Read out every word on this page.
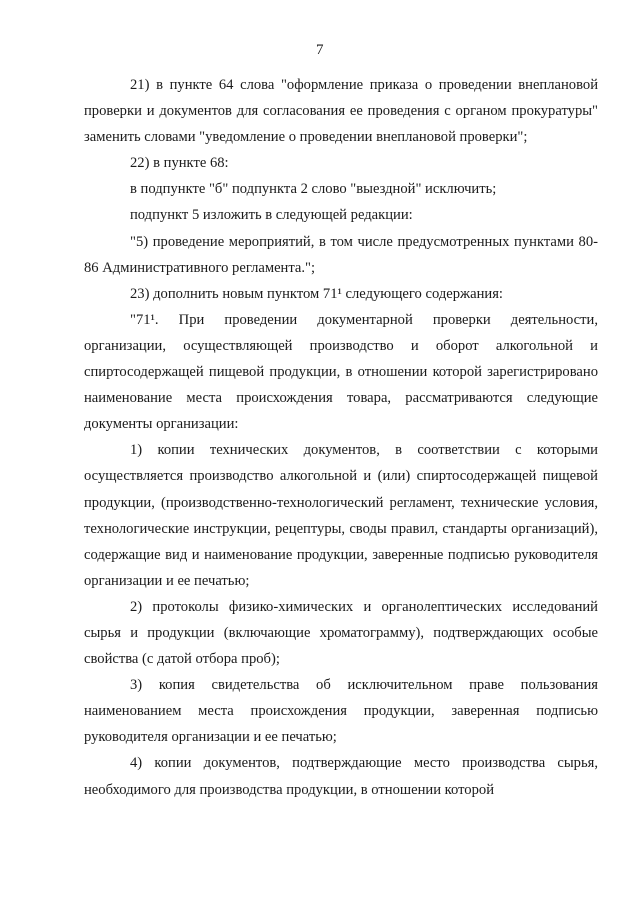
7

21) в пункте 64 слова "оформление приказа о проведении внеплановой проверки и документов для согласования ее проведения с органом прокуратуры" заменить словами "уведомление о проведении внеплановой проверки";

22) в пункте 68:

в подпункте "б" подпункта 2 слово "выездной" исключить;

подпункт 5 изложить в следующей редакции:

"5) проведение мероприятий, в том числе предусмотренных пунктами 80-86 Административного регламента.";

23) дополнить новым пунктом 71¹ следующего содержания:

"71¹. При проведении документарной проверки деятельности, организации, осуществляющей производство и оборот алкогольной и спиртосодержащей пищевой продукции, в отношении которой зарегистрировано наименование места происхождения товара, рассматриваются следующие документы организации:

1) копии технических документов, в соответствии с которыми осуществляется производство алкогольной и (или) спиртосодержащей пищевой продукции, (производственно-технологический регламент, технические условия, технологические инструкции, рецептуры, своды правил, стандарты организаций), содержащие вид и наименование продукции, заверенные подписью руководителя организации и ее печатью;

2) протоколы физико-химических и органолептических исследований сырья и продукции (включающие хроматограмму), подтверждающих особые свойства (с датой отбора проб);

3) копия свидетельства об исключительном праве пользования наименованием места происхождения продукции, заверенная подписью руководителя организации и ее печатью;

4) копии документов, подтверждающие место производства сырья, необходимого для производства продукции, в отношении которой
